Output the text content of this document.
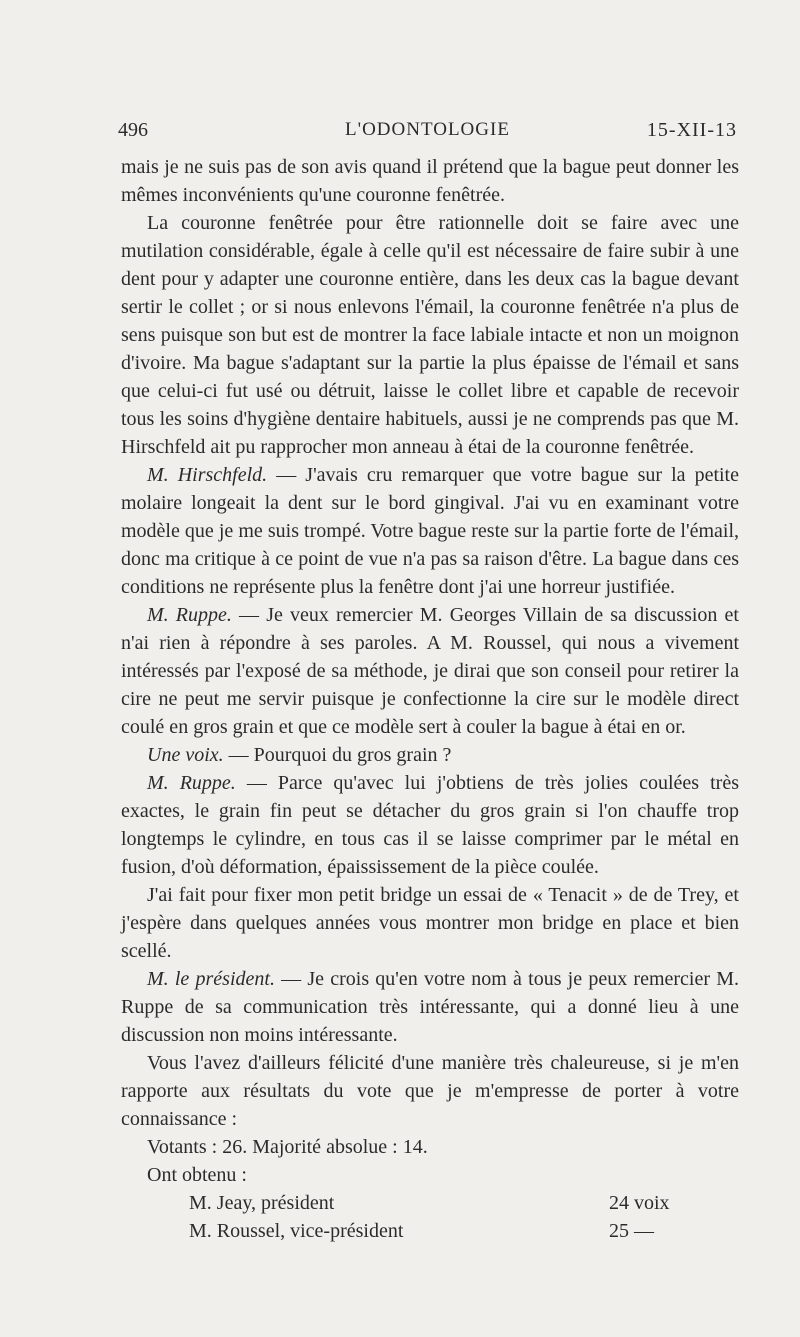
496	L'ODONTOLOGIE	15-XII-13

mais je ne suis pas de son avis quand il prétend que la bague peut donner les mêmes inconvénients qu'une couronne fenêtrée.

La couronne fenêtrée pour être rationnelle doit se faire avec une mutilation considérable, égale à celle qu'il est nécessaire de faire subir à une dent pour y adapter une couronne entière, dans les deux cas la bague devant sertir le collet ; or si nous enlevons l'émail, la couronne fenêtrée n'a plus de sens puisque son but est de montrer la face labiale intacte et non un moignon d'ivoire. Ma bague s'adaptant sur la partie la plus épaisse de l'émail et sans que celui-ci fut usé ou détruit, laisse le collet libre et capable de recevoir tous les soins d'hygiène dentaire habituels, aussi je ne comprends pas que M. Hirschfeld ait pu rapprocher mon anneau à étai de la couronne fenêtrée.

M. Hirschfeld. — J'avais cru remarquer que votre bague sur la petite molaire longeait la dent sur le bord gingival. J'ai vu en examinant votre modèle que je me suis trompé. Votre bague reste sur la partie forte de l'émail, donc ma critique à ce point de vue n'a pas sa raison d'être. La bague dans ces conditions ne représente plus la fenêtre dont j'ai une horreur justifiée.

M. Ruppe. — Je veux remercier M. Georges Villain de sa discussion et n'ai rien à répondre à ses paroles. A M. Roussel, qui nous a vivement intéressés par l'exposé de sa méthode, je dirai que son conseil pour retirer la cire ne peut me servir puisque je confectionne la cire sur le modèle direct coulé en gros grain et que ce modèle sert à couler la bague à étai en or.

Une voix. — Pourquoi du gros grain ?

M. Ruppe. — Parce qu'avec lui j'obtiens de très jolies coulées très exactes, le grain fin peut se détacher du gros grain si l'on chauffe trop longtemps le cylindre, en tous cas il se laisse comprimer par le métal en fusion, d'où déformation, épaississement de la pièce coulée.

J'ai fait pour fixer mon petit bridge un essai de « Tenacit » de de Trey, et j'espère dans quelques années vous montrer mon bridge en place et bien scellé.

M. le président. — Je crois qu'en votre nom à tous je peux remercier M. Ruppe de sa communication très intéressante, qui a donné lieu à une discussion non moins intéressante.

Vous l'avez d'ailleurs félicité d'une manière très chaleureuse, si je m'en rapporte aux résultats du vote que je m'empresse de porter à votre connaissance :

Votants : 26. Majorité absolue : 14.

Ont obtenu :

M. Jeay, président	24 voix
M. Roussel, vice-président	25 —
